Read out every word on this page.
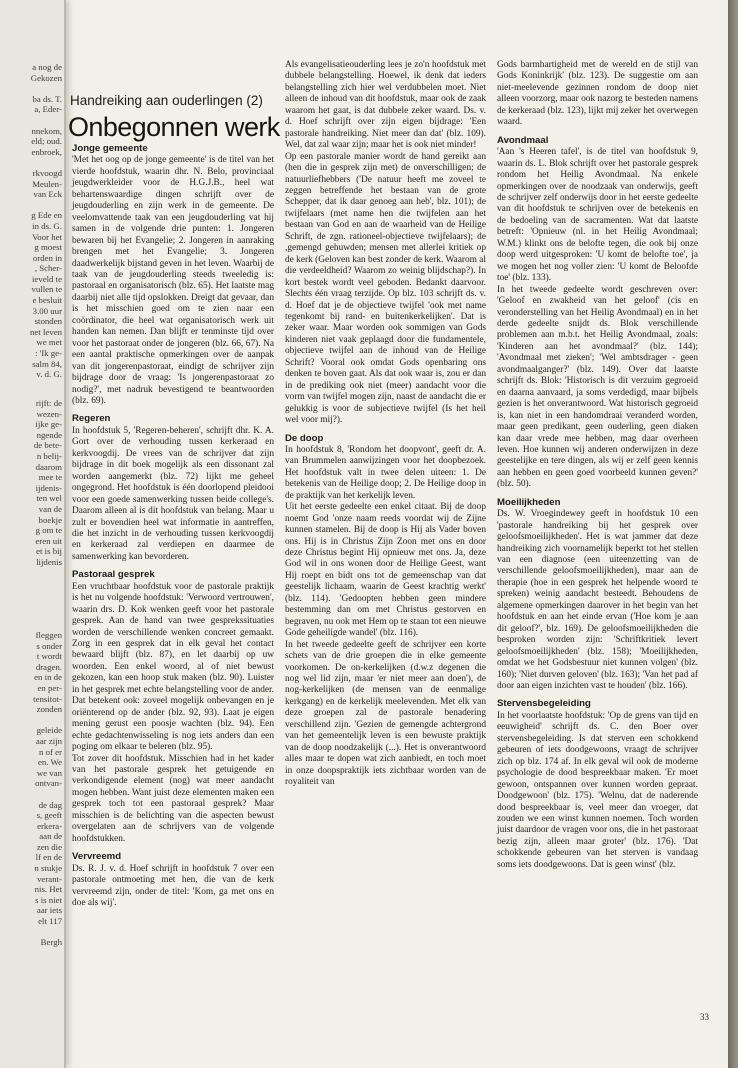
a nog de
Gekozen
ba ds. T.
a, Eder-
nnekom,
eld; oud.
enbroek,
rkvoogd
Meulen-
van Eck
g Ede en
in ds. G.
Voor het
g moest
orden in
, Scher-
ieveld te
vullen te
e besluit
3.00 uur
stonden
net leven
we met
: 'Ik ge-
salm 84,
v. d. G.
rijft: de
wezen-
ijke ge-
ngende
de bete-
n belij-
daarom
mee te
ijdenis-
ten wel
van de
boekje
g om te
eren uit
et is bij
lijdenis
fleggen
s onder
t wordt
dragen.
en in de
en per-
tensitot-
zonden
geleide
aar zijn
n of er
en. We
we van
ontvan-
de dag
s, geeft
erkera-
aan de
zen die
lf en de
n stukje
verant-
nis. Het
s is niet
aar iets
elt 117
Bergh
Handreiking aan ouderlingen (2)
Onbegonnen werk
Jonge gemeente

'Met het oog op de jonge gemeente' is de titel van het vierde hoofdstuk, waarin dhr. N. Belo, provinciaal jeugdwerkleider voor de H.G.J.B., heel wat behartenswaardige dingen schrijft over de jeugdouderling en zijn werk in de gemeente. De veelomvattende taak van een jeugdouderling vat hij samen in de volgende drie punten: 1. Jongeren bewaren bij het Evangelie; 2. Jongeren in aanraking brengen met het Evangelie; 3. Jongeren daadwerkelijk bijstand geven in het leven. Waarbij de taak van de jeugdouderling steeds tweeledig is: pastoraal en organisatorisch (blz. 65). Het laatste mag daarbij niet alle tijd opslokken. Dreigt dat gevaar, dan is het misschien goed om te zien naar een coördinator, die heel wat organisatorisch werk uit handen kan nemen. Dan blijft er tenminste tijd over voor het pastoraat onder de jongeren (blz. 66, 67). Na een aantal praktische opmerkingen over de aanpak van dit jongerenpastoraat, eindigt de schrijver zijn bijdrage door de vraag: 'Is jongerenpastoraat zo nodig?', met nadruk bevestigend te beantwoorden (blz. 69).

Regeren

In hoofdstuk 5, 'Regeren-beheren', schrijft dhr. K. A. Gort over de verhouding tussen kerkeraad en kerkvoogdij. De vrees van de schrijver dat zijn bijdrage in dit boek mogelijk als een dissonant zal worden aangemerkt (blz. 72) lijkt me geheel ongegrond. Het hoofdstuk is één doorlopend pleidooi voor een goede samenwerking tussen beide college's. Daarom alleen al is dit hoofdstuk van belang. Maar u zult er bovendien heel wat informatie in aantreffen, die het inzicht in de verhouding tussen kerkvoogdij en kerkeraad zal verdiepen en daarmee de samenwerking kan bevorderen.

Pastoraal gesprek

Een vruchtbaar hoofdstuk voor de pastorale praktijk is het nu volgende hoofdstuk: 'Verwoord vertrouwen', waarin drs. D. Kok wenken geeft voor het pastorale gesprek. Aan de hand van twee gesprekssituaties worden de verschillende wenken concreet gemaakt. Zorg in een gesprek dat in elk geval het contact bewaard blijft (blz. 87), en let daarbij op uw woorden. Een enkel woord, al of niet bewust gekozen, kan een hoop stuk maken (blz. 90). Luister in het gesprek met echte belangstelling voor de ander. Dat betekent ook: zoveel mogelijk onbevangen en je oriënterend op de ander (blz. 92, 93). Laat je eigen mening gerust een poosje wachten (blz. 94). Een echte gedachtenwisseling is nog iets anders dan een poging om elkaar te beleren (blz. 95).

Tot zover dit hoofdstuk. Misschien had in het kader van het pastorale gesprek het getuigende en verkondigende element (nog) wat meer aandacht mogen hebben. Want juist deze elementen maken een gesprek toch tot een pastoraal gesprek? Maar misschien is de belichting van die aspecten bewust overgelaten aan de schrijvers van de volgende hoofdstukken.

Vervreemd

Ds. R. J. v. d. Hoef schrijft in hoofdstuk 7 over een pastorale ontmoeting met hen, die van de kerk vervreemd zijn, onder de titel: 'Kom, ga met ons en doe als wij'.

Als evangelisatieouderling lees je zo'n hoofdstuk met dubbele belangstelling. Hoewel, ik denk dat ieders belangstelling zich hier wel verdubbelen moet. Niet alleen de inhoud van dit hoofdstuk, maar ook de zaak waarom het gaat, is dat dubbele zeker waard. Ds. v. d. Hoef schrijft over zijn eigen bijdrage: 'Een pastorale handreiking. Niet meer dan dat' (blz. 109). Wel, dat zal waar zijn; maar het is ook niet minder!

Op een pastorale manier wordt de hand gereikt aan (hen die in gesprek zijn met) de onverschilligen; de natuurliefhebbers ('De natuur heeft me zoveel te zeggen betreffende het bestaan van de grote Schepper, dat ik daar genoeg aan heb', blz. 101); de twijfelaars (met name hen die twijfelen aan het bestaan van God en aan de waarheid van de Heilige Schrift, de zgn. rationeel-objectieve twijfelaars); de ,gemengd gehuwden; mensen met allerlei kritiek op de kerk (Geloven kan best zonder de kerk. Waarom al die verdeeldheid? Waarom zo weinig blijdschap?). In kort bestek wordt veel geboden. Bedankt daarvoor. Slechts één vraag terzijde. Op blz. 103 schrijft ds. v. d. Hoef dat je de objectieve twijfel 'ook met name tegenkomt bij rand- en buitenkerkelijken'. Dat is zeker waar. Maar worden ook sommigen van Gods kinderen niet vaak geplaagd door die fundamentele, objectieve twijfel aan de inhoud van de Heilige Schrift? Vooral ook omdat Gods openbaring ons denken te boven gaat. Als dat ook waar is, zou er dan in de prediking ook niet (meer) aandacht voor die vorm van twijfel mogen zijn, naast de aandacht die er gelukkig is voor de subjectieve twijfel (Is het heil wel voor mij?).

De doop

In hoofdstuk 8, 'Rondom het doopvont', geeft dr. A. van Brummelen aanwijzingen voor het doopbezoek. Het hoofdstuk valt in twee delen uiteen: 1. De betekenis van de Heilige doop; 2. De Heilige doop in de praktijk van het kerkelijk leven.

Uit het eerste gedeelte een enkel citaat. Bij de doop noemt God 'onze naam reeds voordat wij de Zijne kunnen stamelen. Bij de doop is Hij als Vader boven ons. Hij is in Christus Zijn Zoon met ons en door deze Christus begint Hij opnieuw met ons. Ja, deze God wil in ons wonen door de Heilige Geest, want Hij roept en bidt ons tot de gemeenschap van dat geestelijk lichaam, waarin de Geest krachtig werkt' (blz. 114). 'Gedoopten hebben geen mindere bestemming dan om met Christus gestorven en begraven, nu ook met Hem op te staan tot een nieuwe Gode geheiligde wandel' (blz. 116).

In het tweede gedeelte geeft de schrijver een korte schets van de drie groepen die in elke gemeente voorkomen. De on-kerkelijken (d.w.z degenen die nog wel lid zijn, maar 'er niet meer aan doen'), de nog-kerkelijken (de mensen van de eenmalige kerkgang) en de kerkelijk meelevenden. Met elk van deze groepen zal de pastorale benadering verschillend zijn. 'Gezien de gemengde achtergrond van het gemeentelijk leven is een bewuste praktijk van de doop noodzakelijk (...). Het is onverantwoord alles maar te dopen wat zich aanbiedt, en toch moet in onze doopspraktijk iets zichtbaar worden van de royaliteit van

Gods barmhartigheid met de wereld en de stijl van Gods Koninkrijk' (blz. 123). De suggestie om aan niet-meelevende gezinnen rondom de doop niet alleen voorzorg, maar ook nazorg te besteden namens de kerkeraad (blz. 123), lijkt mij zeker het overwegen waard.

Avondmaal

'Aan 's Heeren tafel', is de titel van hoofdstuk 9, waarin ds. L. Blok schrijft over het pastorale gesprek rondom het Heilig Avondmaal. Na enkele opmerkingen over de noodzaak van onderwijs, geeft de schrijver zelf onderwijs door in het eerste gedeelte van dit hoofdstuk te schrijven over de betekenis en de bedoeling van de sacramenten. Wat dat laatste betreft: 'Opnieuw (nl. in het Heilig Avondmaal; W.M.) klinkt ons de belofte tegen, die ook bij onze doop werd uitgesproken: 'U komt de belofte toe', ja we mogen het nog voller zien: 'U komt de Beloofde toe' (blz. 133).

In het tweede gedeelte wordt geschreven over: 'Geloof en zwakheid van het geloof' (cis en veronderstelling van het Heilig Avondmaal) en in het derde gedeelte snijdt ds. Blok verschillende problemen aan m.b.t. het Heilig Avondmaal, zoals: 'Kinderen aan het avondmaal?' (blz. 144); 'Avondmaal met zieken'; 'Wel ambtsdrager - geen avondmaalganger?' (blz. 149). Over dat laatste schrijft ds. Blok: 'Historisch is dit verzuim gegroeid en daarna aanvaard, ja soms verdedigd, maar bijbels gezien is het onverantwoord. Wat historisch gegroeid is, kan niet in een handomdraai veranderd worden, maar geen predikant, geen ouderling, geen diaken kan daar vrede mee hebben, mag daar overheen leven. Hoe kunnen wij anderen onderwijzen in deze geestelijke en tere dingen, als wij er zelf geen kennis aan hebben en geen goed voorbeeld kunnen geven?' (blz. 50).

Moeilijkheden

Ds. W. Vroegindewey geeft in hoofdstuk 10 een 'pastorale handreiking bij het gesprek over geloofsmoeilijkheden'. Het is wat jammer dat deze handreiking zich voornamelijk beperkt tot het stellen van een diagnose (een uiteenzetting van de verschillende geloofsmoeilijkheden), maar aan de therapie (hoe in een gesprek het helpende woord te spreken) weinig aandacht besteedt. Behoudens de algemene opmerkingen daarover in het begin van het hoofdstuk en aan het einde ervan ('Hoe kom je aan dit geloof?', blz. 169). De geloofsmoeilijkheden die besproken worden zijn: 'Schriftkritiek levert geloofsmoeilijkheden' (blz. 158); 'Moeilijkheden, omdat we het Godsbestuur niet kunnen volgen' (blz. 160); 'Niet durven geloven' (blz. 163); 'Van het pad af door aan eigen inzichten vast te houden' (blz. 166).

Stervensbegeleiding

In het voorlaatste hoofdstuk: 'Op de grens van tijd en eeuwigheid' schrijft ds. C. den Boer over stervensbegeleiding. Is dat sterven een schokkend gebeuren of iets doodgewoons, vraagt de schrijver zich op blz. 174 af. In elk geval wil ook de moderne psychologie de dood bespreekbaar maken. 'Er moet gewoon, ontspannen over kunnen worden gepraat. Doodgewoon' (blz. 175). 'Welnu, dat de naderende dood bespreekbaar is, veel meer dan vroeger, dat zouden we een winst kunnen noemen. Toch worden juist daardoor de vragen voor ons, die in het pastoraat bezig zijn, alleen maar groter' (blz. 176). 'Dat schokkende gebeuren van het sterven is vandaag soms iets doodgewoons. Dat is geen winst' (blz.

33
